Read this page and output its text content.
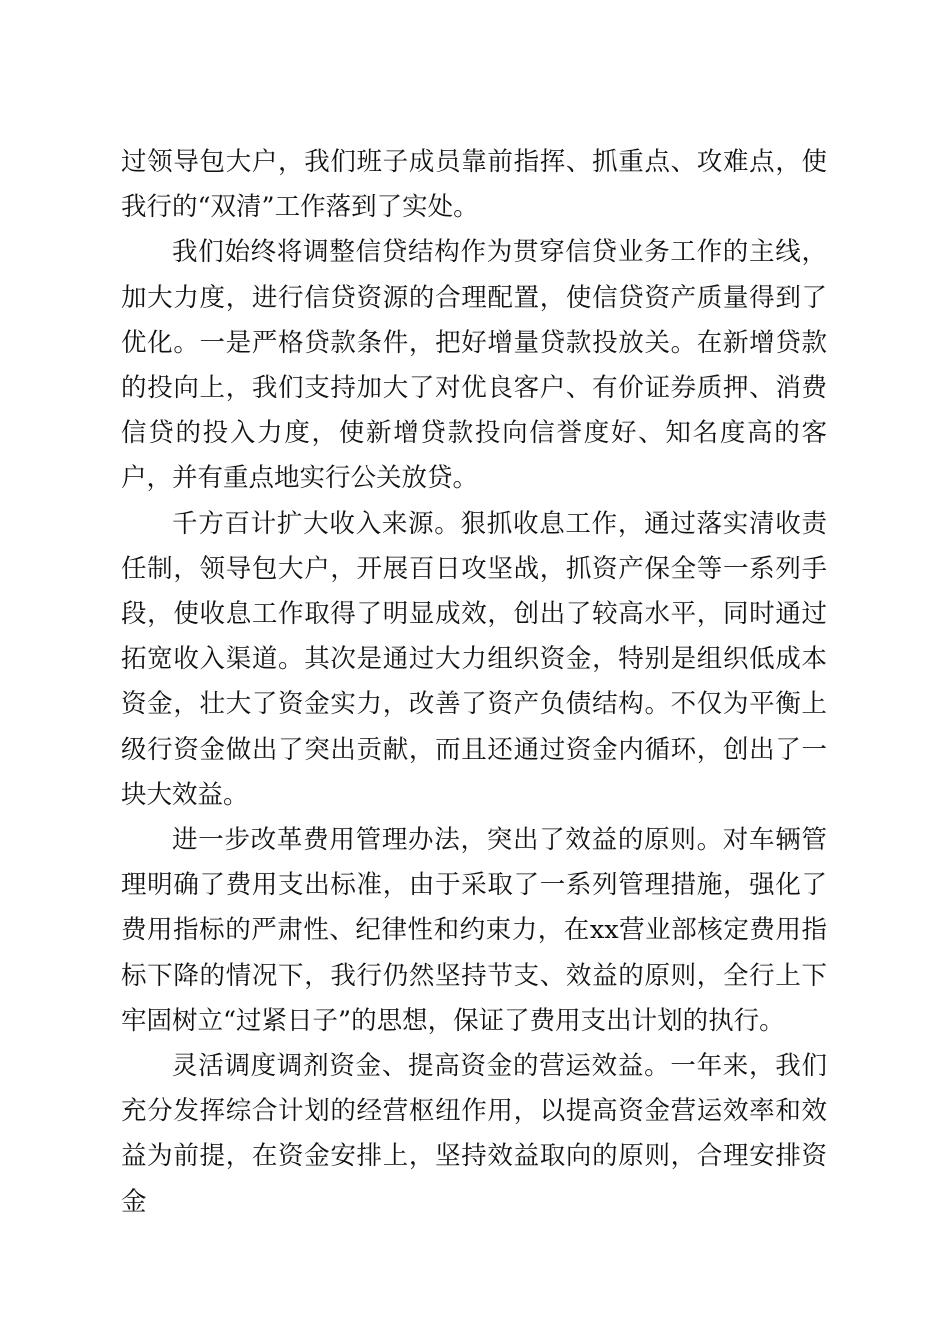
过领导包大户，我们班子成员靠前指挥、抓重点、攻难点，使我行的“双清”工作落到了实处。

我们始终将调整信贷结构作为贯穿信贷业务工作的主线，加大力度，进行信贷资源的合理配置，使信贷资产质量得到了优化。一是严格贷款条件，把好增量贷款投放关。在新增贷款的投向上，我们支持加大了对优良客户、有价证券质押、消费信贷的投入力度，使新增贷款投向信誉度好、知名度高的客户，并有重点地实行公关放贷。

千方百计扩大收入来源。狠抓收息工作，通过落实清收责任制，领导包大户，开展百日攻坚战，抓资产保全等一系列手段，使收息工作取得了明显成效，创出了较高水平，同时通过拓宽收入渠道。其次是通过大力组织资金，特别是组织低成本资金，壮大了资金实力，改善了资产负债结构。不仅为平衡上级行资金做出了突出贡献，而且还通过资金内循环，创出了一块大效益。

进一步改革费用管理办法，突出了效益的原则。对车辆管理明确了费用支出标准，由于采取了一系列管理措施，强化了费用指标的严肃性、纪律性和约束力，在xx营业部核定费用指标下降的情况下，我行仍然坚持节支、效益的原则，全行上下牢固树立“过紧日子”的思想，保证了费用支出计划的执行。

灵活调度调剂资金、提高资金的营运效益。一年来，我们充分发挥综合计划的经营枢纽作用，以提高资金营运效率和效益为前提，在资金安排上，坚持效益取向的原则，合理安排资金
